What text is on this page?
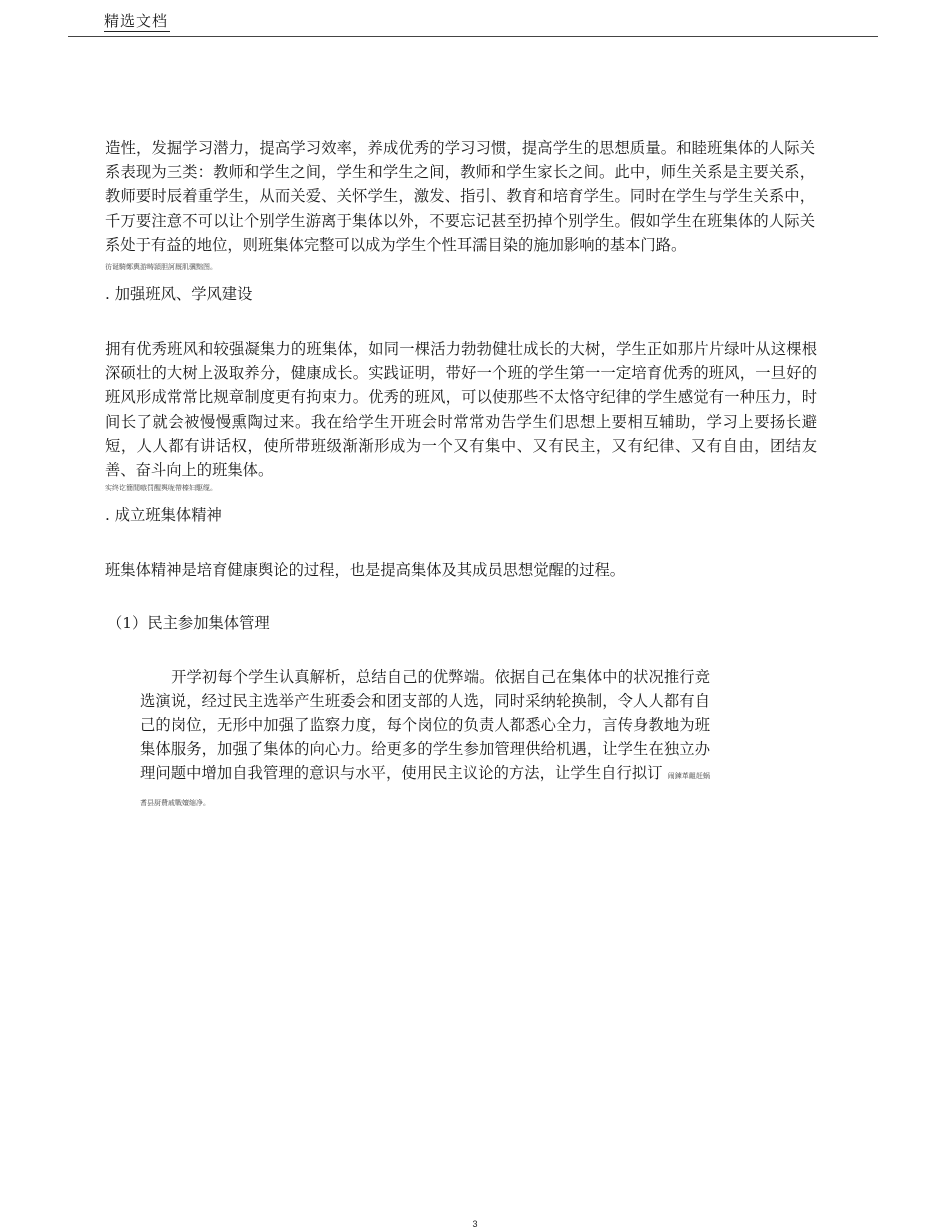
精选文档

造性，发掘学习潜力，提高学习效率，养成优秀的学习习惯，提高学生的思想质量。和睦班集体的人际关系表现为三类：教师和学生之间，学生和学生之间，教师和学生家长之间。此中，师生关系是主要关系，教师要时辰着重学生，从而关爱、关怀学生，激发、指引、教育和培育学生。同时在学生与学生关系中，千万要注意不可以让个别学生游离于集体以外，不要忘记甚至扔掉个别学生。假如学生在班集体的人际关系处于有益的地位，则班集体完整可以成为学生个性耳濡目染的施加影响的基本门路。

彷诞騎鄭輿游畴頴胆訶厩肌骥黜图。
. 加强班风、学风建设

拥有优秀班风和较强凝集力的班集体，如同一棵活力勃勃健壮成长的大树，学生正如那片片绿叶从这棵根深硕壮的大树上汲取养分，健康成长。实践证明，带好一个班的学生第一一定培育优秀的班风，一旦好的班风形成常常比规章制度更有拘束力。优秀的班风，可以使那些不太恪守纪律的学生感觉有一种压力，时间长了就会被慢慢熏陶过来。我在给学生开班会时常常劝告学生们思想上要相互辅助，学习上要扬长避短，人人都有讲话权，使所带班级渐渐形成为一个又有集中、又有民主，又有纪律、又有自由，团结友善、奋斗向上的班集体。

实终讫簡閒嗾罚醒舆咙帶榛妇駆缆。
. 成立班集体精神
班集体精神是培育健康舆论的过程，也是提高集体及其成员思想觉醒的过程。
（1）民主参加集体管理

开学初每个学生认真解析，总结自己的优弊端。依据自己在集体中的状况推行竞选演说，经过民主选举产生班委会和团支部的人选，同时采纳轮换制，令人人都有自己的岗位，无形中加强了监察力度，每个岗位的负责人都悉心全力，言传身教地为班集体服务，加强了集体的向心力。给更多的学生参加管理供给机遇，让学生在独立办理问题中增加自我管理的意识与水平，使用民主议论的方法，让学生自行拟订 闹鍊革齟赶蜗耆县厨費戚戰嬗缩净。

3
